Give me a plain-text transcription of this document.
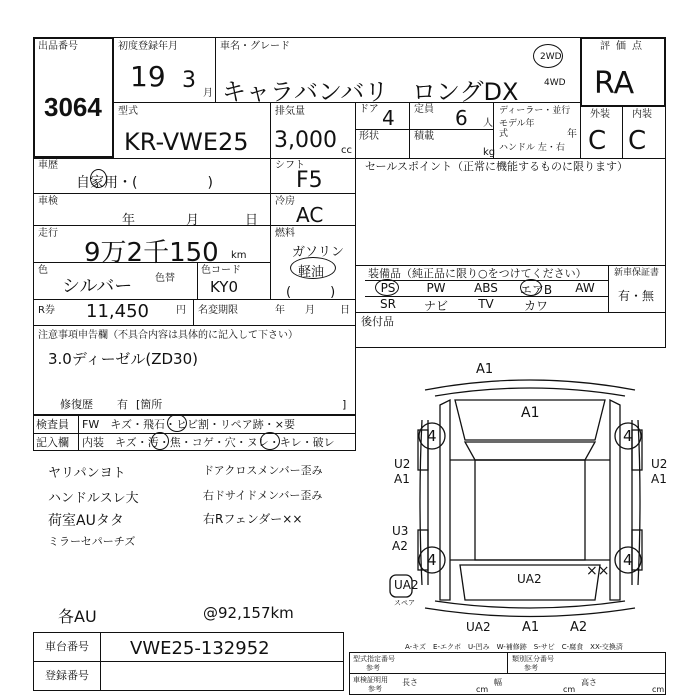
出品番号
3064
初度登録年月
19 3
月
車名・グレード
キャラバンバリ ロングDX
2WD
4WD
評価点
RA
型式
KR-VWE25
排気量
3,000 cc
ドア 4 定員 6 人
形状	積載
kg
ディーラー・並行
モデル年式	年
ハンドル 左・右
外装
C
内装
C
車歴
自家用・(　　　　　)
車検
年	月	日
走行
9万2千150 km
色
シルバー 色替
色コード
KY0
シフト
F5
冷房
AC
燃料
ガソリン
軽油
(　　　)
R券 11,450	円 名変期限	年 月	日
注意事項申告欄（不具合内容は具体的に記入して下さい）
3.0ディーゼル(ZD30)
修復歴 有 [箇所	]
検査員
記入欄
FW　キズ・飛石・ヒビ割・リペア跡・×要
内装　キズ・汚・焦・コゲ・穴・ヌレ・キレ・破レ
ヤリパンヨト
ハンドルスレ大
荷室AUタタ
ミラーセパーチズ
各AU
ドアクロスメンバー歪み
右ドサイドメンバー歪み
右Rフェンダー××
@92,157km
セールスポイント（正常に機能するものに限ります）
装備品（純正品に限り○をつけてください）
PS	PW	ABS	エアB	AW
SR	ナビ	TV	カワ
新車保証書
有・無
後付品
A1
A1
4	4
U2
A1
U2
A1
U3
A2
4	4
UA2	UA2	××
UA2 A1 A2
スペア
A-キズ　E-エクボ　U-凹み　W-補修跡　S-サビ　C-腐食　XX-交換済
車台番号 VWE25-132952
登録番号
型式指定番号
参考
類別区分番号
参考
車検証明用
参考
長さ
cm
幅
cm
高さ
cm
